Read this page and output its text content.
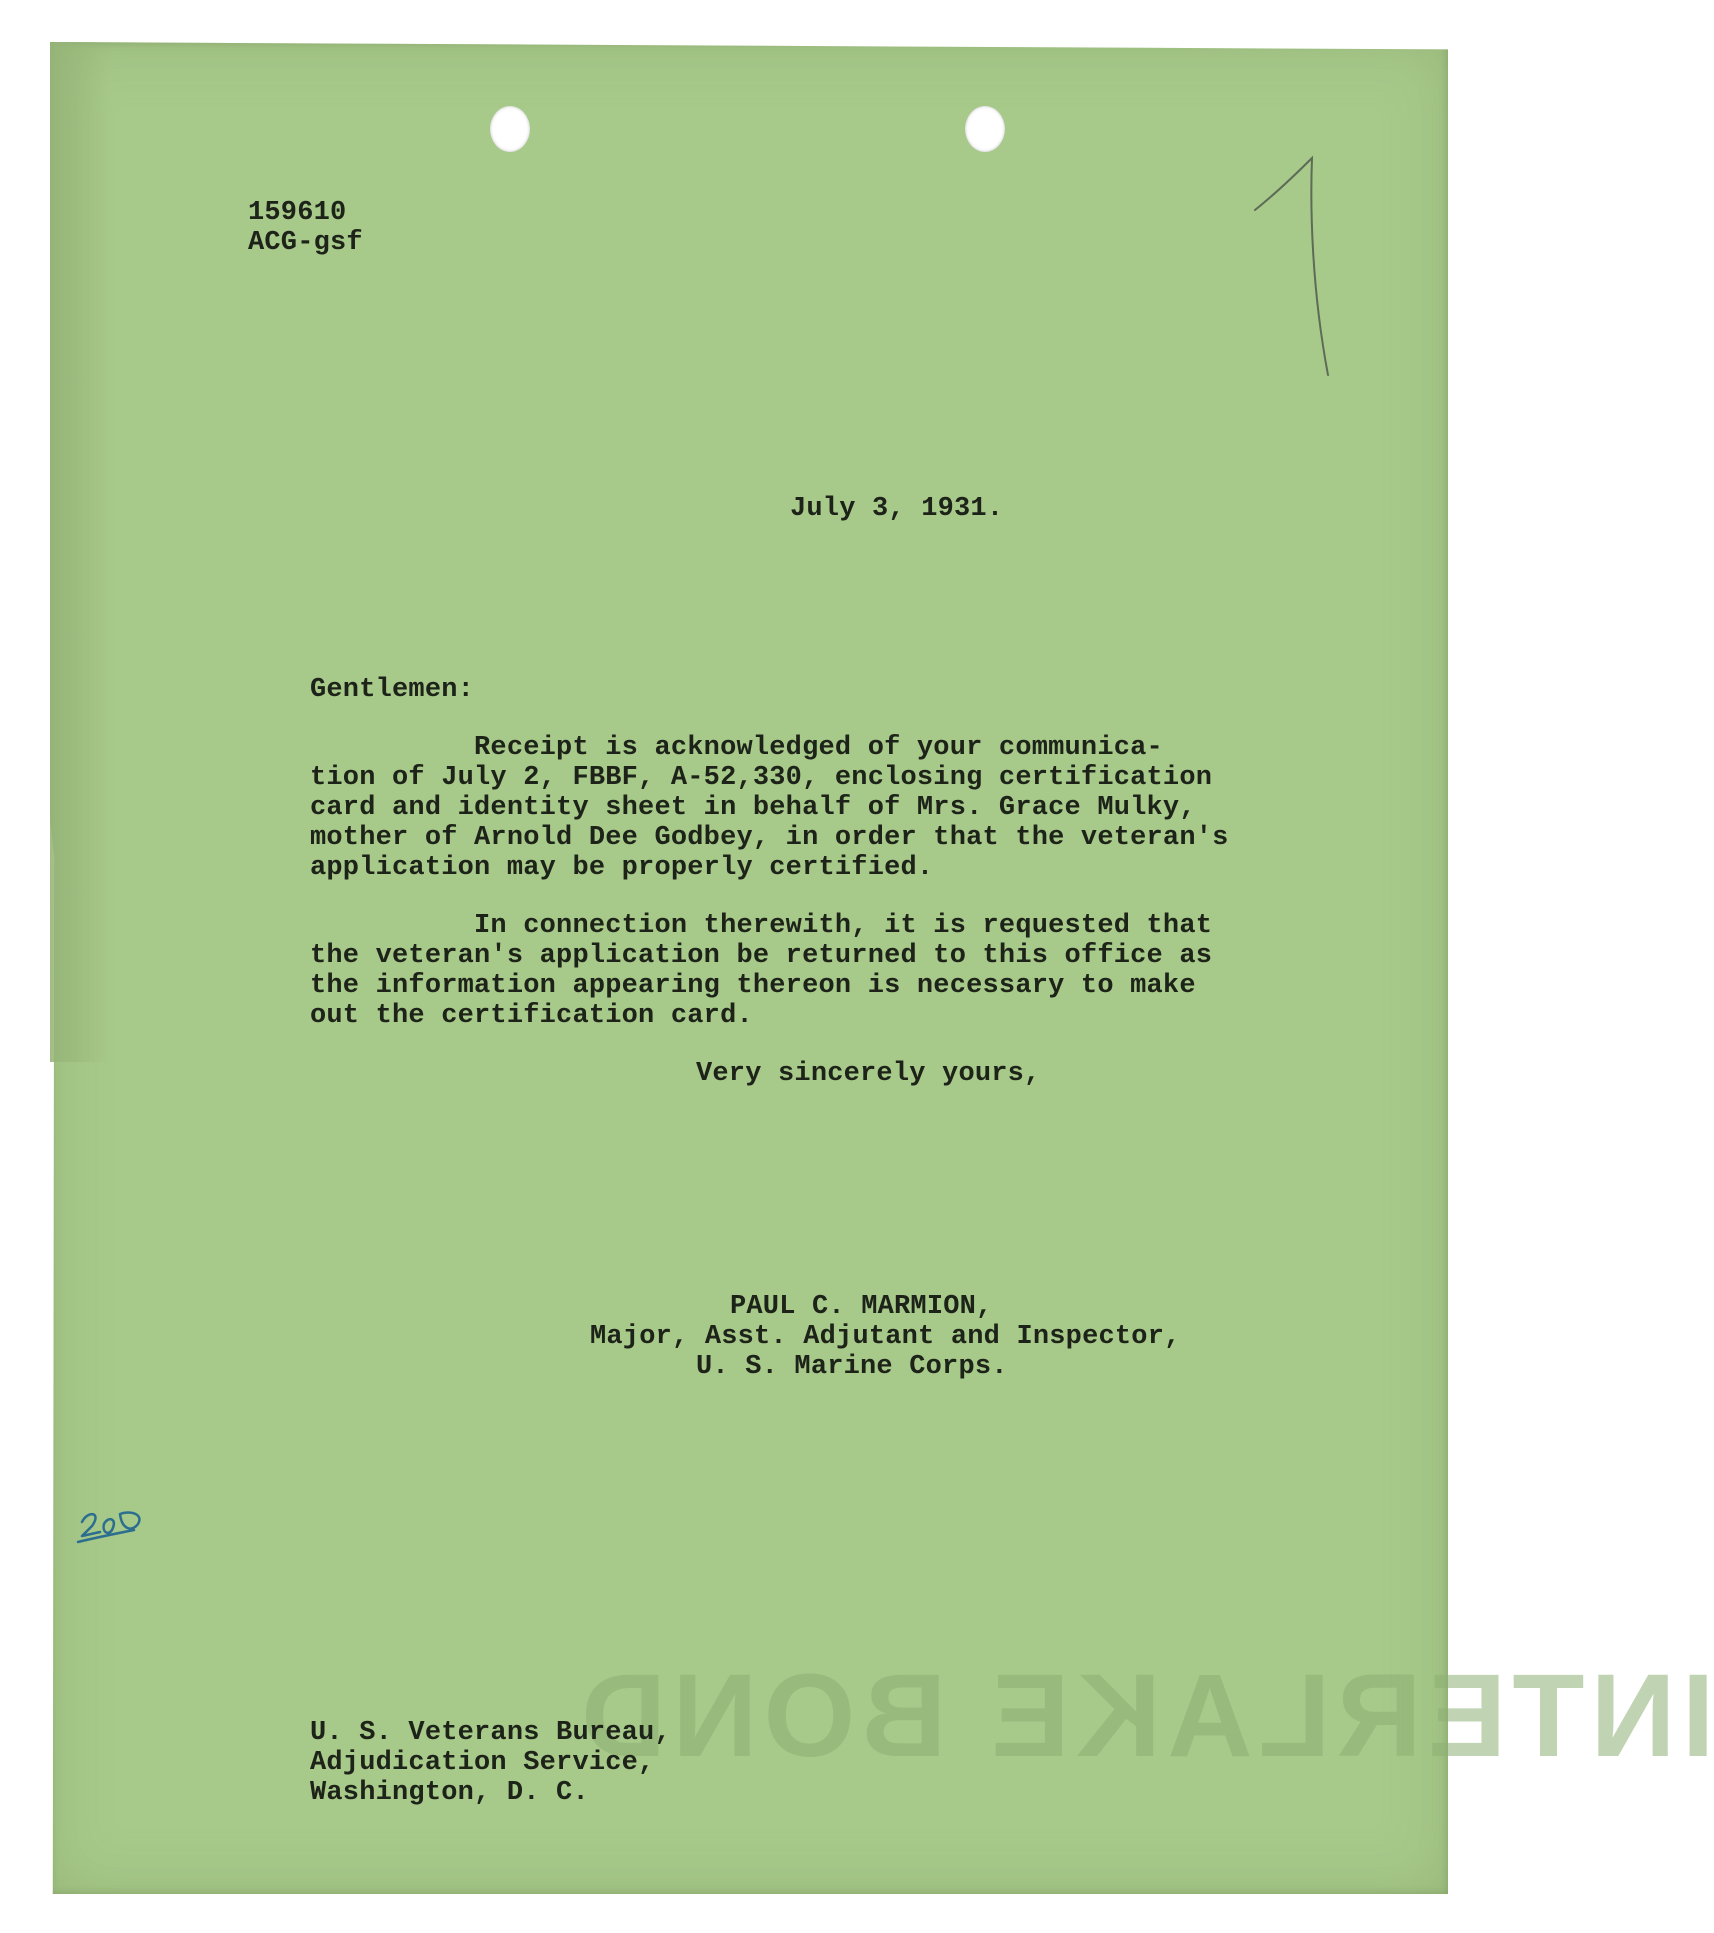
INTERLAKE BOND
159610
ACG-gsf
July 3, 1931.
Gentlemen:
Receipt is acknowledged of your communica-
tion of July 2, FBBF, A-52,330, enclosing certification
card and identity sheet in behalf of Mrs. Grace Mulky,
mother of Arnold Dee Godbey, in order that the veteran's
application may be properly certified.
In connection therewith, it is requested that
the veteran's application be returned to this office as
the information appearing thereon is necessary to make
out the certification card.
Very sincerely yours,
PAUL C. MARMION,
Major, Asst. Adjutant and Inspector,
U. S. Marine Corps.
U. S. Veterans Bureau,
Adjudication Service,
Washington, D. C.
